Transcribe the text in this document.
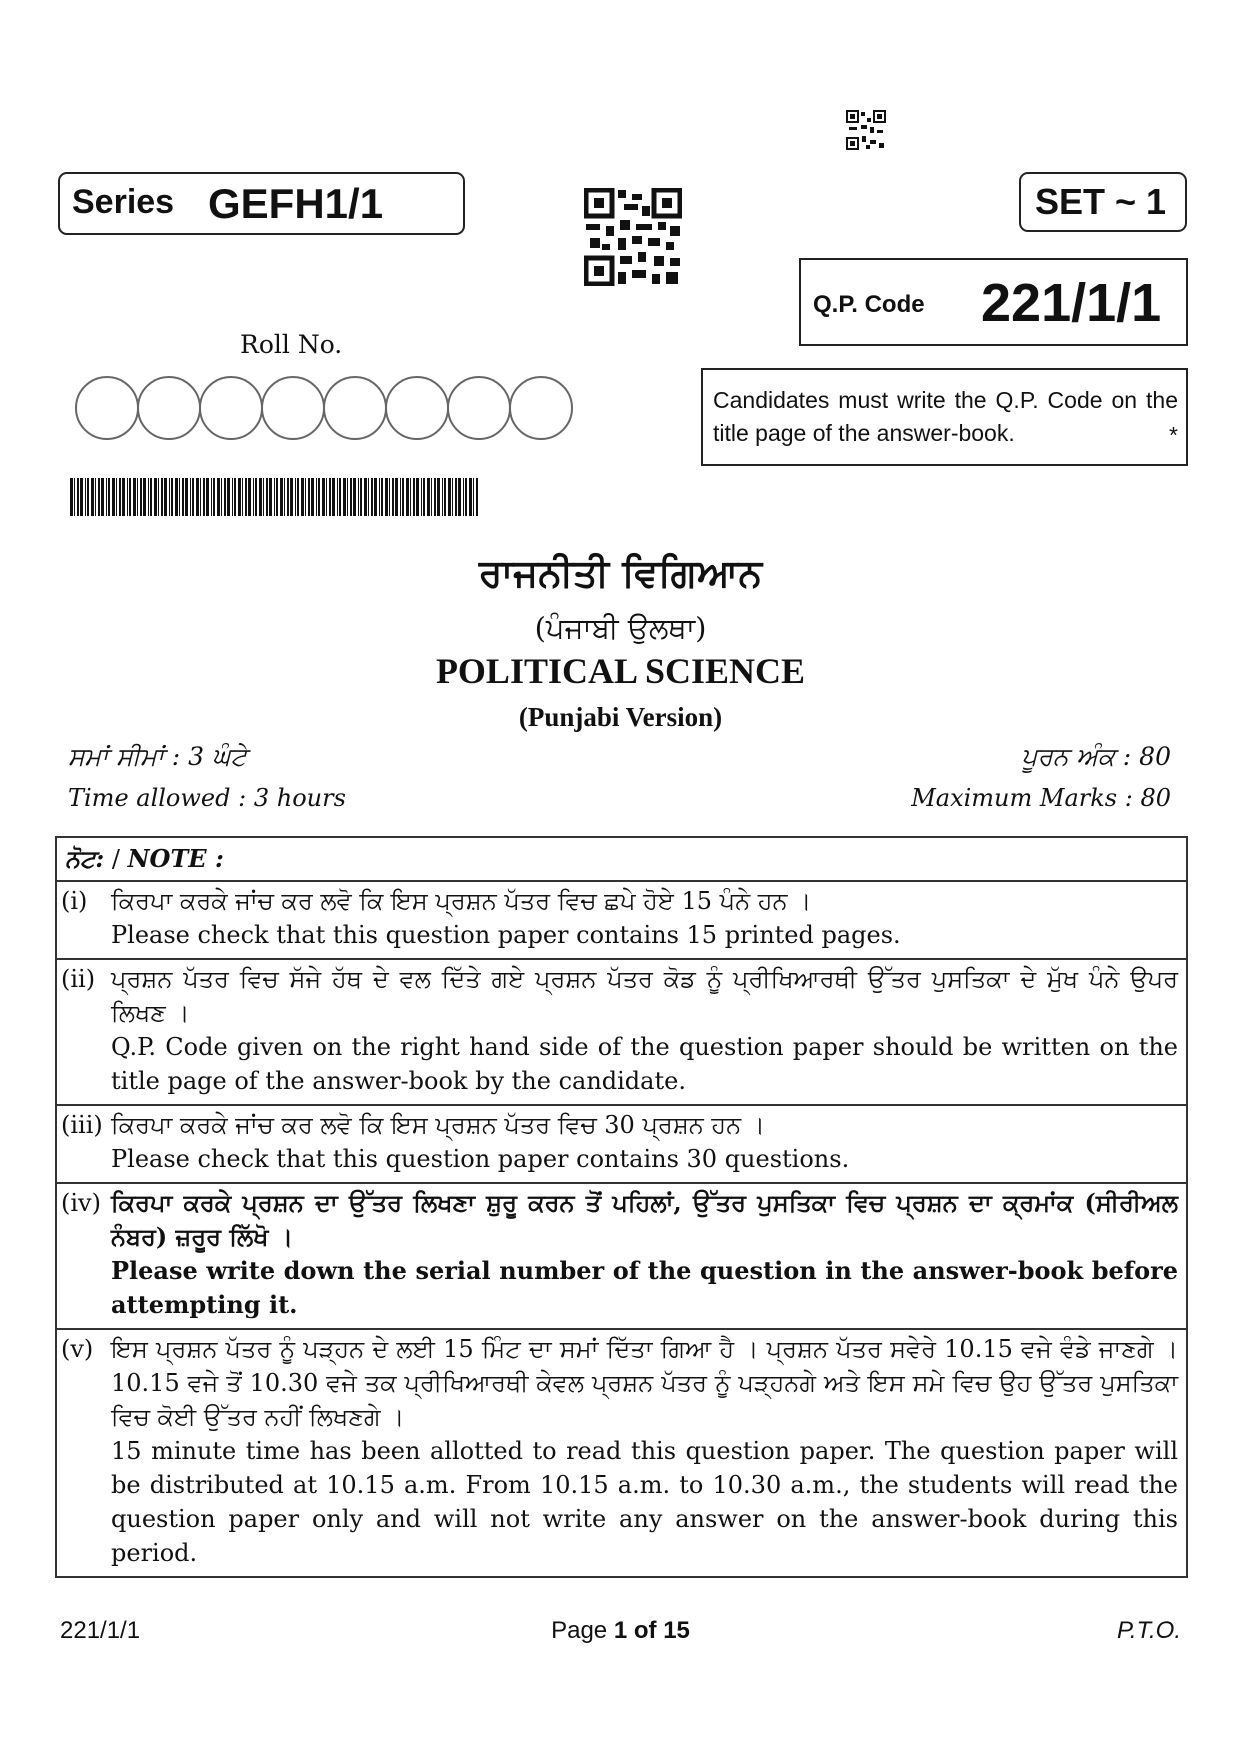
Series GEFH1/1	SET ~ 1
Q.P. Code 221/1/1
Roll No.
Candidates must write the Q.P. Code on the title page of the answer-book.	*
ਰਾਜਨੀਤੀ ਵਿਗਿਆਨ
(ਪੰਜਾਬੀ ਉਲਥਾ)
POLITICAL SCIENCE
(Punjabi Version)
ਸਮਾਂ ਸੀਮਾਂ : 3 ਘੰਟੇ	ਪੂਰਨ ਅੰਕ : 80
Time allowed : 3 hours	Maximum Marks : 80
ਨੋਟ: / NOTE :

(i) ਕਿਰਪਾ ਕਰਕੇ ਜਾਂਚ ਕਰ ਲਵੋ ਕਿ ਇਸ ਪ੍ਰਸ਼ਨ ਪੱਤਰ ਵਿਚ ਛਪੇ ਹੋਏ 15 ਪੰਨੇ ਹਨ ।
Please check that this question paper contains 15 printed pages.

(ii) ਪ੍ਰਸ਼ਨ ਪੱਤਰ ਵਿਚ ਸੱਜੇ ਹੱਥ ਦੇ ਵਲ ਦਿੱਤੇ ਗਏ ਪ੍ਰਸ਼ਨ ਪੱਤਰ ਕੋਡ ਨੂੰ ਪ੍ਰੀਖਿਆਰਥੀ ਉੱਤਰ ਪੁਸਤਿਕਾ ਦੇ ਮੁੱਖ ਪੰਨੇ ਉਪਰ ਲਿਖਣ ।
Q.P. Code given on the right hand side of the question paper should be written on the title page of the answer-book by the candidate.

(iii) ਕਿਰਪਾ ਕਰਕੇ ਜਾਂਚ ਕਰ ਲਵੋ ਕਿ ਇਸ ਪ੍ਰਸ਼ਨ ਪੱਤਰ ਵਿਚ 30 ਪ੍ਰਸ਼ਨ ਹਨ ।
Please check that this question paper contains 30 questions.

(iv) ਕਿਰਪਾ ਕਰਕੇ ਪ੍ਰਸ਼ਨ ਦਾ ਉੱਤਰ ਲਿਖਣਾ ਸ਼ੁਰੂ ਕਰਨ ਤੋਂ ਪਹਿਲਾਂ, ਉੱਤਰ ਪੁਸਤਿਕਾ ਵਿਚ ਪ੍ਰਸ਼ਨ ਦਾ ਕ੍ਰਮਾਂਕ (ਸੀਰੀਅਲ ਨੰਬਰ) ਜ਼ਰੂਰ ਲਿੱਖੋ ।
Please write down the serial number of the question in the answer-book before attempting it.

(v) ਇਸ ਪ੍ਰਸ਼ਨ ਪੱਤਰ ਨੂੰ ਪੜ੍ਹਨ ਦੇ ਲਈ 15 ਮਿੰਟ ਦਾ ਸਮਾਂ ਦਿੱਤਾ ਗਿਆ ਹੈ । ਪ੍ਰਸ਼ਨ ਪੱਤਰ ਸਵੇਰੇ 10.15 ਵਜੇ ਵੰਡੇ ਜਾਣਗੇ । 10.15 ਵਜੇ ਤੋਂ 10.30 ਵਜੇ ਤਕ ਪ੍ਰੀਖਿਆਰਥੀ ਕੇਵਲ ਪ੍ਰਸ਼ਨ ਪੱਤਰ ਨੂੰ ਪੜ੍ਹਨਗੇ ਅਤੇ ਇਸ ਸਮੇ ਵਿਚ ਉਹ ਉੱਤਰ ਪੁਸਤਿਕਾ ਵਿਚ ਕੋਈ ਉੱਤਰ ਨਹੀਂ ਲਿਖਣਗੇ ।
15 minute time has been allotted to read this question paper. The question paper will be distributed at 10.15 a.m. From 10.15 a.m. to 10.30 a.m., the students will read the question paper only and will not write any answer on the answer-book during this period.
221/1/1	Page 1 of 15	P.T.O.
